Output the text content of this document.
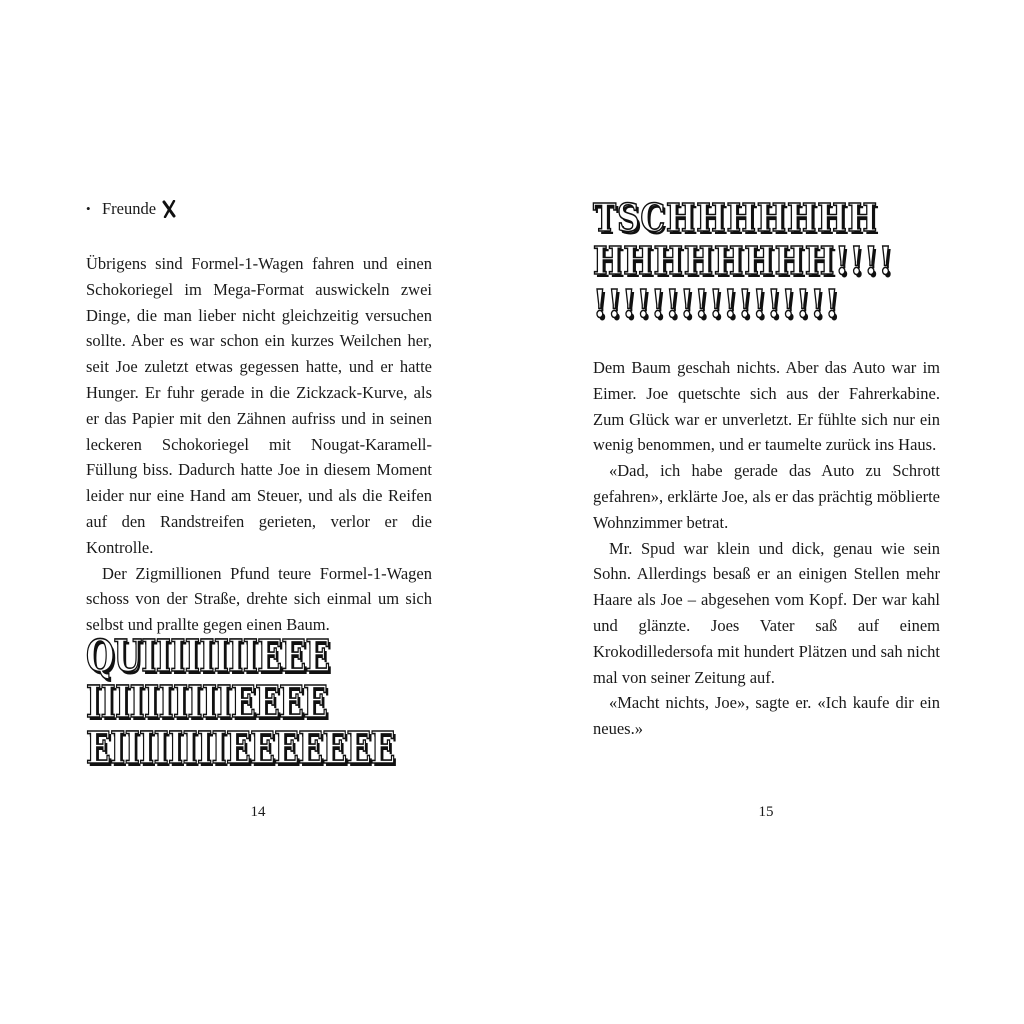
• Freunde

Übrigens sind Formel-1-Wagen fahren und einen Schokoriegel im Mega-Format auswickeln zwei Dinge, die man lieber nicht gleichzeitig versuchen sollte. Aber es war schon ein kurzes Weilchen her, seit Joe zuletzt etwas gegessen hatte, und er hatte Hunger. Er fuhr gerade in die Zickzack-Kurve, als er das Papier mit den Zähnen aufriss und in seinen leckeren Schokoriegel mit Nougat-Karamell-Füllung biss. Dadurch hatte Joe in diesem Moment leider nur eine Hand am Steuer, und als die Reifen auf den Randstreifen gerieten, verlor er die Kontrolle.

Der Zigmillionen Pfund teure Formel-1-Wagen schoss von der Straße, drehte sich einmal um sich selbst und prallte gegen einen Baum.

QUIIIIIIIIEEE
IIIIIIIIIIEEEE
EIIIIIIIIEEEEEEE
14
TSCHHHHHHH
HHHHHHHH!!!!
!!!!!!!!!!!!!!!!!

Dem Baum geschah nichts. Aber das Auto war im Eimer. Joe quetschte sich aus der Fahrerkabine. Zum Glück war er unverletzt. Er fühlte sich nur ein wenig benommen, und er taumelte zurück ins Haus.

«Dad, ich habe gerade das Auto zu Schrott gefahren», erklärte Joe, als er das prächtig möblierte Wohnzimmer betrat.

Mr. Spud war klein und dick, genau wie sein Sohn. Allerdings besaß er an einigen Stellen mehr Haare als Joe – abgesehen vom Kopf. Der war kahl und glänzte. Joes Vater saß auf einem Krokodilledersofa mit hundert Plätzen und sah nicht mal von seiner Zeitung auf.

«Macht nichts, Joe», sagte er. «Ich kaufe dir ein neues.»

15
